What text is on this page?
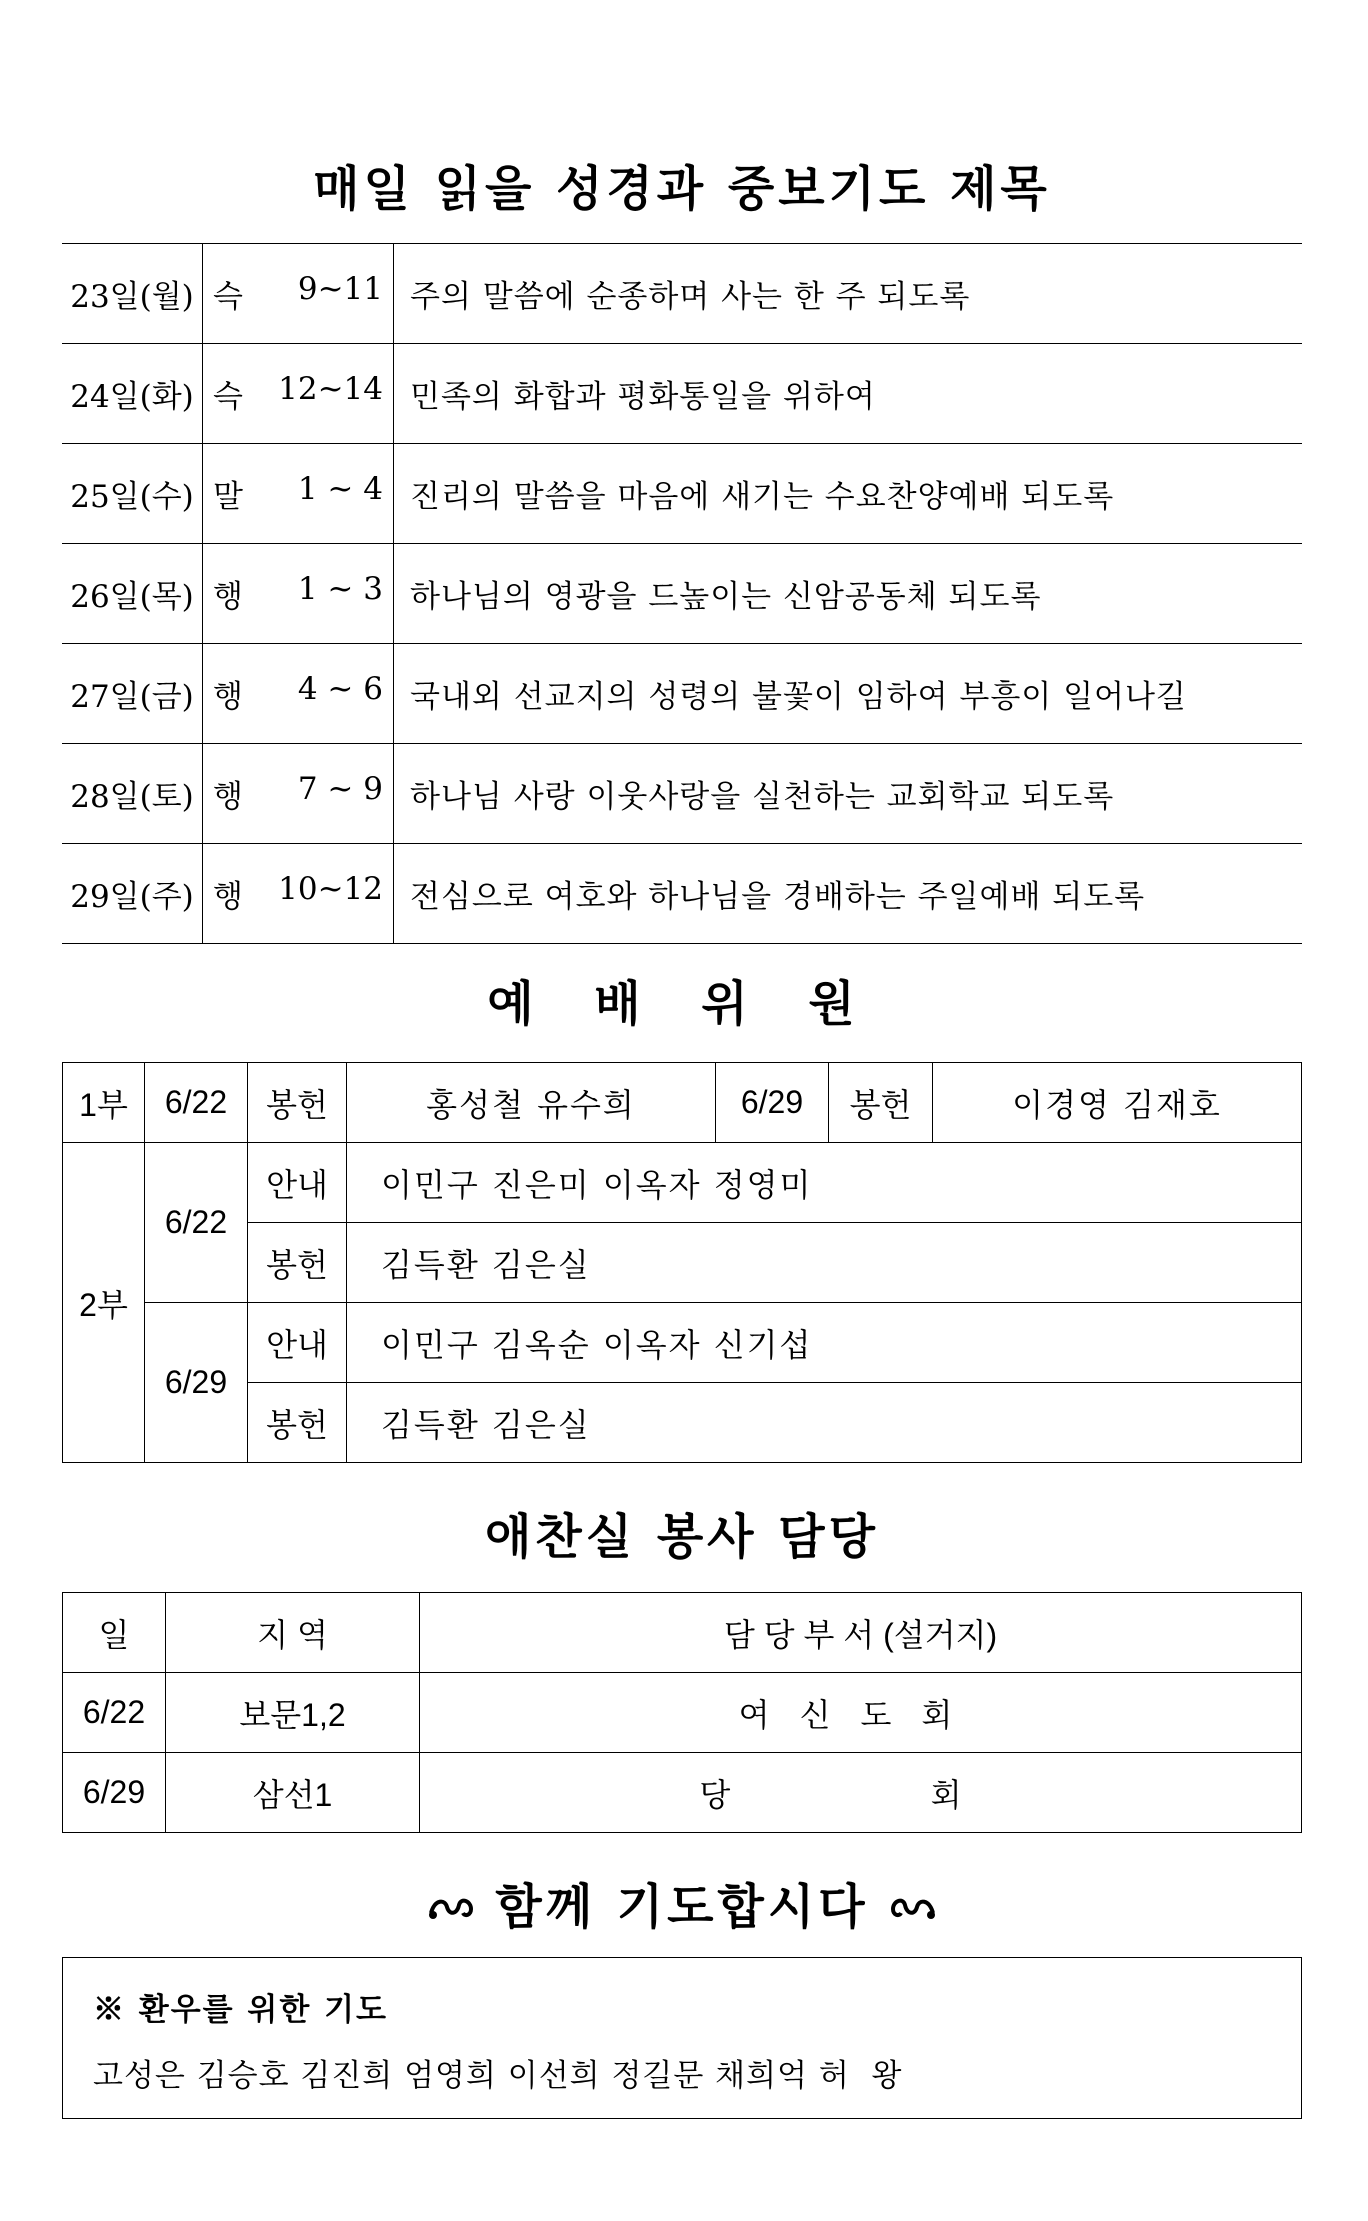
매일 읽을 성경과 중보기도 제목
23일(월)	슥 9~11	주의 말씀에 순종하며 사는 한 주 되도록
24일(화)	슥 12~14	민족의 화합과 평화통일을 위하여
25일(수)	말 1 ~ 4	진리의 말씀을 마음에 새기는 수요찬양예배 되도록
26일(목)	행 1 ~ 3	하나님의 영광을 드높이는 신암공동체 되도록
27일(금)	행 4 ~ 6	국내외 선교지의 성령의 불꽃이 임하여 부흥이 일어나길
28일(토)	행 7 ~ 9	하나님 사랑 이웃사랑을 실천하는 교회학교 되도록
29일(주)	행 10~12	전심으로 여호와 하나님을 경배하는 주일예배 되도록
예 배 위 원
1부	6/22	봉헌	홍성철 유수희	6/29	봉헌	이경영 김재호
2부	6/22	안내	이민구 진은미 이옥자 정영미			
		봉헌	김득환 김은실			
	6/29	안내	이민구 김옥순 이옥자 신기섭			
		봉헌	김득환 김은실			
애찬실 봉사 담당
일	지 역	담 당 부 서 (설거지)
6/22	보문1,2	여신도회
6/29	삼선1	당  회
함께 기도합시다
※ 환우를 위한 기도
고성은 김승호 김진희 엄영희 이선희 정길문 채희억 허  왕
